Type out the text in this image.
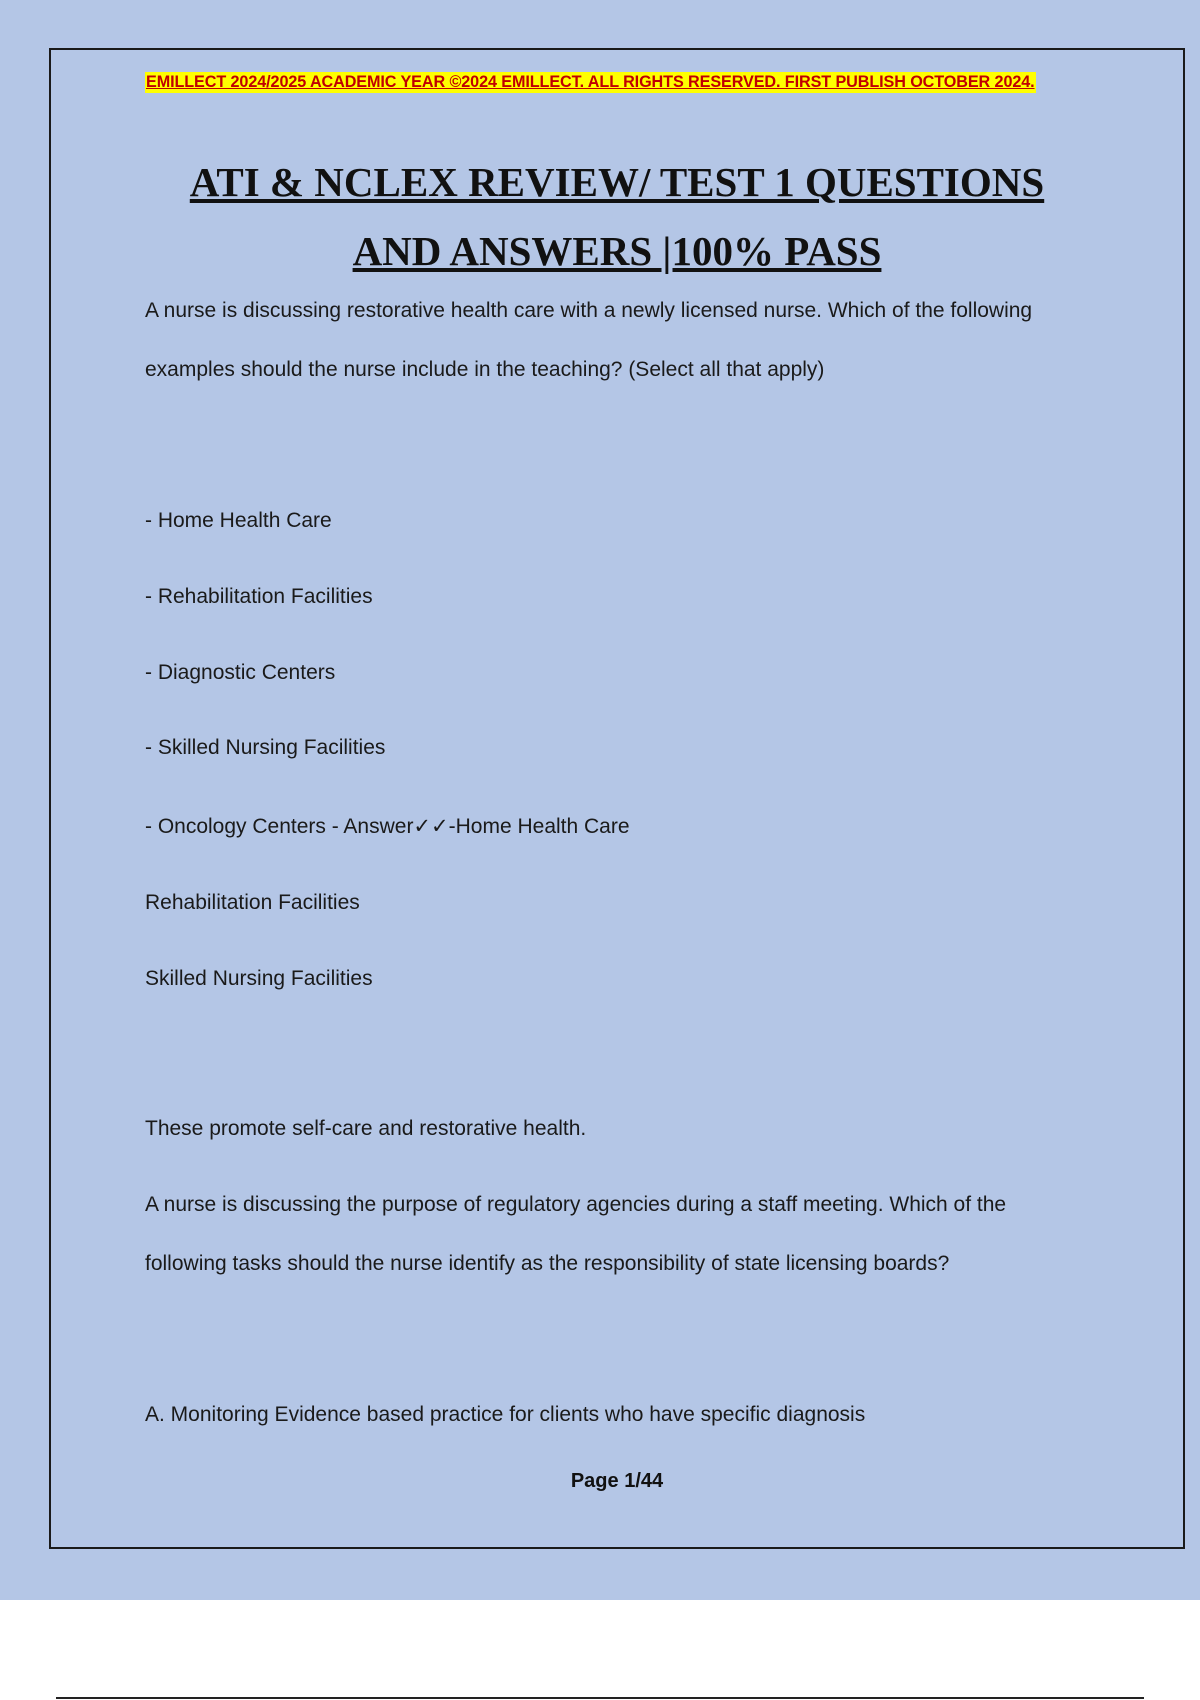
EMILLECT 2024/2025 ACADEMIC YEAR ©2024 EMILLECT. ALL RIGHTS RESERVED. FIRST PUBLISH OCTOBER 2024.
ATI & NCLEX REVIEW/ TEST 1 QUESTIONS
AND ANSWERS |100% PASS
A nurse is discussing restorative health care with a newly licensed nurse. Which of the following
examples should the nurse include in the teaching? (Select all that apply)
- Home Health Care
- Rehabilitation Facilities
- Diagnostic Centers
- Skilled Nursing Facilities
- Oncology Centers - Answer✓✓-Home Health Care
Rehabilitation Facilities
Skilled Nursing Facilities
These promote self-care and restorative health.
A nurse is discussing the purpose of regulatory agencies during a staff meeting. Which of the
following tasks should the nurse identify as the responsibility of state licensing boards?
A. Monitoring Evidence based practice for clients who have specific diagnosis
Page 1/44
